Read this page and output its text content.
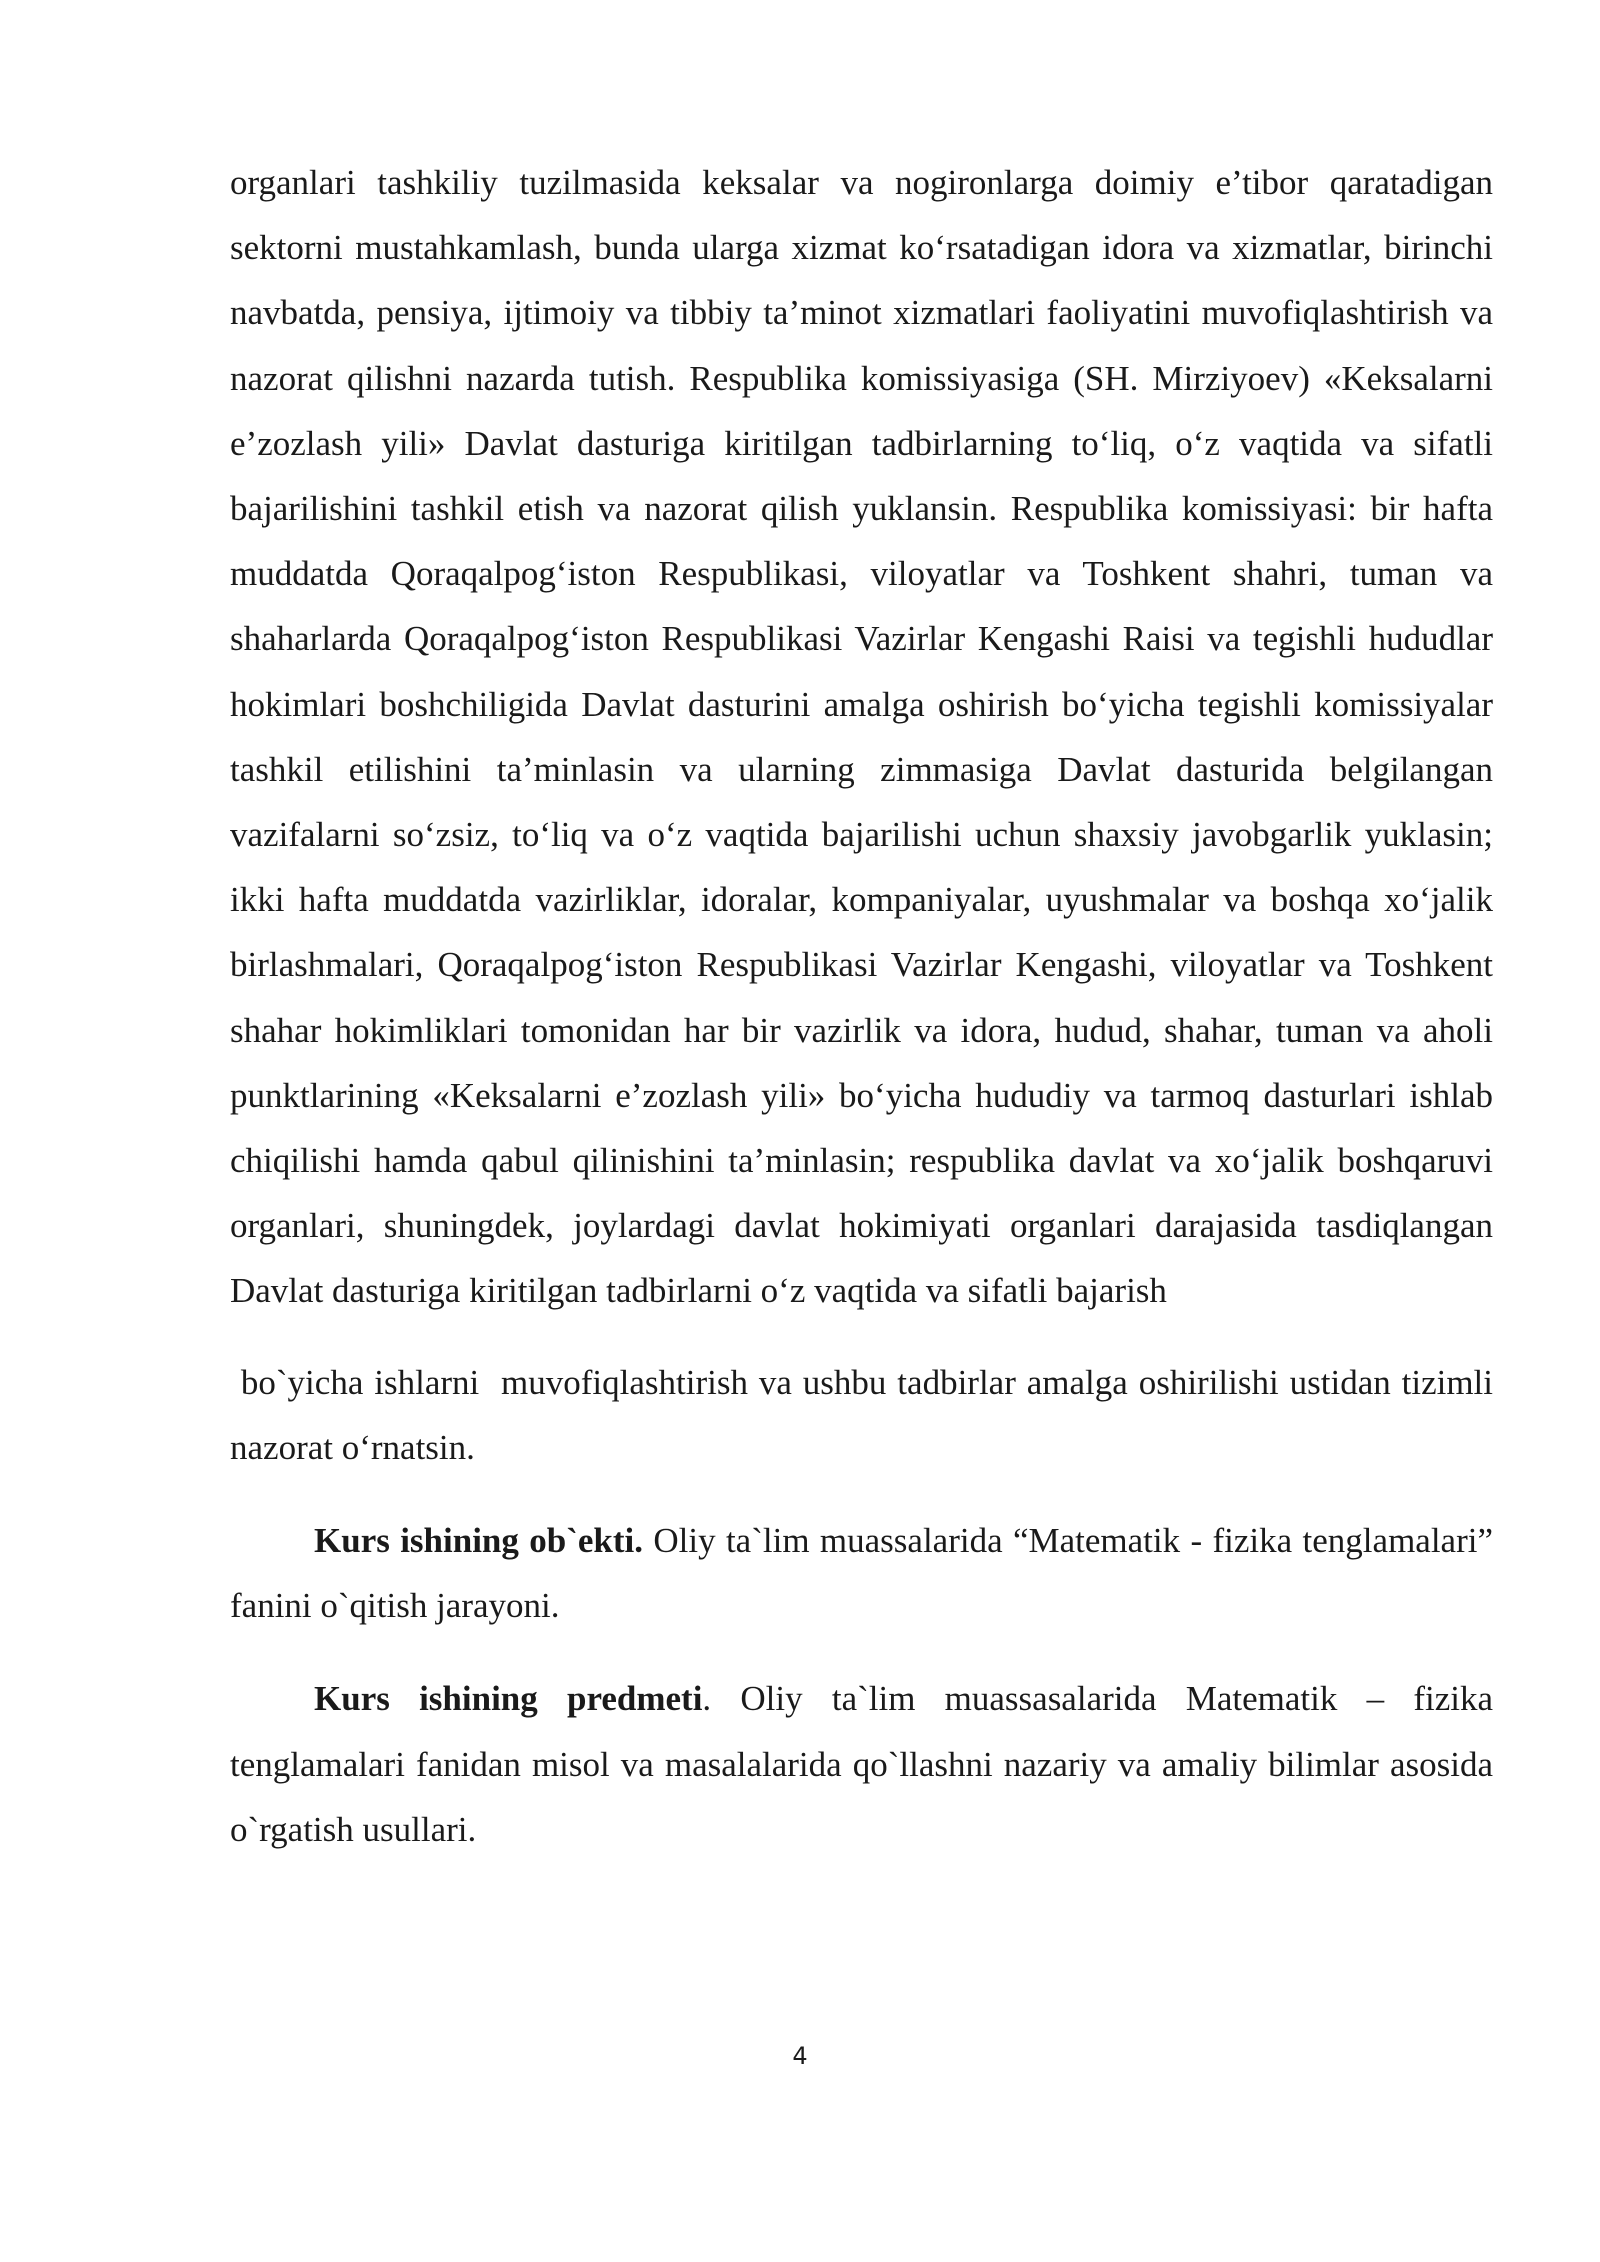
organlari tashkiliy tuzilmasida keksalar va nogironlarga doimiy e’tibor qaratadigan sektorni mustahkamlash, bunda ularga xizmat ko‘rsatadigan idora va xizmatlar, birinchi navbatda, pensiya, ijtimoiy va tibbiy ta’minot xizmatlari faoliyatini muvofiqlashtirish va nazorat qilishni nazarda tutish. Respublika komissiyasiga (SH. Mirziyoev) «Keksalarni e’zozlash yili» Davlat dasturiga kiritilgan tadbirlarning to‘liq, o‘z vaqtida va sifatli bajarilishini tashkil etish va nazorat qilish yuklansin. Respublika komissiyasi: bir hafta muddatda Qoraqalpog‘iston Respublikasi, viloyatlar va Toshkent shahri, tuman va shaharlarda Qoraqalpog‘iston Respublikasi Vazirlar Kengashi Raisi va tegishli hududlar hokimlari boshchiligida Davlat dasturini amalga oshirish bo‘yicha tegishli komissiyalar tashkil etilishini ta’minlasin va ularning zimmasiga Davlat dasturida belgilangan vazifalarni so‘zsiz, to‘liq va o‘z vaqtida bajarilishi uchun shaxsiy javobgarlik yuklasin; ikki hafta muddatda vazirliklar, idoralar, kompaniyalar, uyushmalar va boshqa xo‘jalik birlashmalari, Qoraqalpog‘iston Respublikasi Vazirlar Kengashi, viloyatlar va Toshkent shahar hokimliklari tomonidan har bir vazirlik va idora, hudud, shahar, tuman va aholi punktlarining «Keksalarni e’zozlash yili» bo‘yicha hududiy va tarmoq dasturlari ishlab chiqilishi hamda qabul qilinishini ta’minlasin; respublika davlat va xo‘jalik boshqaruvi organlari, shuningdek, joylardagi davlat hokimiyati organlari darajasida tasdiqlangan Davlat dasturiga kiritilgan tadbirlarni o‘z vaqtida va sifatli bajarish

bo`yicha ishlarni  muvofiqlashtirish va ushbu tadbirlar amalga oshirilishi ustidan tizimli nazorat o‘rnatsin.

Kurs ishining ob`ekti. Oliy ta`lim muassalarida “Matematik - fizika tenglamalari” fanini o`qitish jarayoni.

Kurs ishining predmeti. Oliy ta`lim muassasalarida Matematik – fizika tenglamalari fanidan misol va masalalarida qo`llashni nazariy va amaliy bilimlar asosida o`rgatish usullari.

4
